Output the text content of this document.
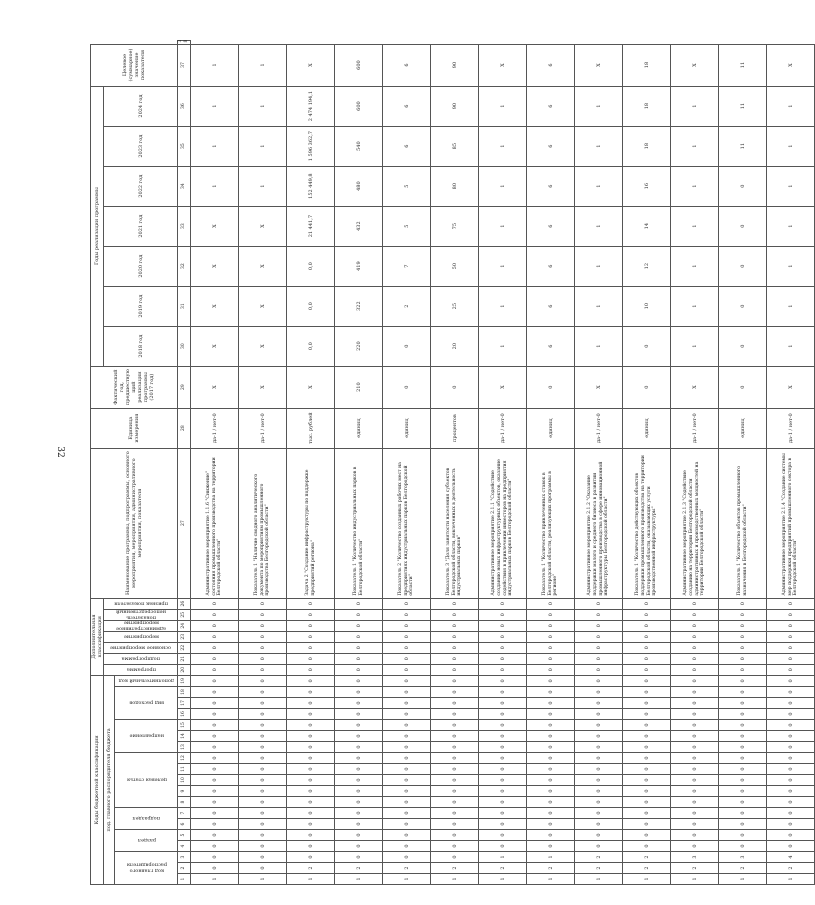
32
Коды бюджетной классификации																			Дополнительная классификация							Наименование программы, подпрограммы, основного мероприятия, мероприятия, административного мероприятия, показателя	Единица измерения	Фактический год, предшествующий реализации программы (2017 год)	Годы реализации программы							Целевое (суммарное) значение показателя	
под. главного распорядителя бюджета																			программа	подпрограмма	основное мероприятие	мероприятие	административное мероприятие	показатель непосредственный	признак показателя				2018 год	2019 год	2020 год	2021 год	2022 год	2023 год	2024 год		
код главного распорядителя			раздел		подраздел		целевая статья					направление			вид расходов			дополнительный код																			
1	2	3	4	5	6	7	8	9	10	11	12	13	14	15	16	17	18	19	20	21	22	23	24	25	26	27	28	29	30	31	32	33	34	35	36	37	38
1	0	0	0	0	0	0	0	0	0	0	0	0	0	0	0	0	0	0	0	0	0	0	0	0	0	Административное мероприятие 1.1.6 "Снижение" состояния промышленного производства на территории Белгородской области"	да-1 / нет-0	X	X	X	X	X	1	1	1	1	
1	0	0	0	0	0	0	0	0	0	0	0	0	0	0	0	0	0	0	0	0	0	0	0	0	0	Показатель 1 "Наличие сводного аналитического документа по мероприятиям промышленного производства Белгородской области"	да-1 / нет-0	X	X	X	X	X	1	1	1	1	
1	2	0	0	0	0	0	0	0	0	0	0	0	0	0	0	0	0	0	0	0	0	0	0	0	0	Задача 2 "Создание инфраструктуры по поддержке предприятий региона"	тыс. рублей	X	0,0	0,0	0,0	21 441,7	152 449,8	1 596 362,7	2 474 194,1	X	
1	2	0	0	0	0	0	0	0	0	0	0	0	0	0	0	0	0	0	0	0	0	0	0	0	0	Показатель 1 "Количество индустриальных парков в Белгородской области"	единиц	210	220	322	419	432	480	540	600	600	
1	2	0	0	0	0	0	0	0	0	0	0	0	0	0	0	0	0	0	0	0	0	0	0	0	0	Показатель 2 "Количество созданных рабочих мест на предприятиях индустриальных парков Белгородской области"	единиц	0	0	2	7	5	5	6	6	6	
1	2	0	0	0	0	0	0	0	0	0	0	0	0	0	0	0	0	0	0	0	0	0	0	0	0	Показатель 3 "Доля занятости населения субъектов Белгородской области, вовлеченных в деятельность индустриальных парков"	процентов	0	20	25	50	75	80	85	90	90	
1	2	1	0	0	0	0	0	0	0	0	0	0	0	0	0	0	0	0	0	0	0	0	0	0	0	Административное мероприятие 2.1.1 "Содействие созданию новых инфраструктурных объектов, оказание содействия в привлечении инвесторов на предприятия индустриальных парков Белгородской области"	да-1 / нет-0	X	1	1	1	1	1	1	1	X	
1	2	1	0	0	0	0	0	0	0	0	0	0	0	0	0	0	0	0	0	0	0	0	0	0	0	Показатель 1 "Количество привлеченных ставок в Белгородской области, реализующих программы в регионе"	единиц	0	6	6	6	6	6	6	6	6	
1	2	2	0	0	0	0	0	0	0	0	0	0	0	0	0	0	0	0	0	0	0	0	0	0	0	Административное мероприятие 2.1.2 "Оказание поддержки малого и среднего бизнеса в развитии промышленного производства в сфере инновационной инфраструктуры Белгородской области"	да-1 / нет-0	X	1	1	1	1	1	1	1	X	
1	2	2	0	0	0	0	0	0	0	0	0	0	0	0	0	0	0	0	0	0	0	0	0	0	0	Показатель 1 "Количество действующих объектов поддержки промышленного производства на территории Белгородской области, оказывающих услуги производственной инфраструктуры"	единиц	0	0	10	12	14	16	18	18	18	
1	2	3	0	0	0	0	0	0	0	0	0	0	0	0	0	0	0	0	0	0	0	0	0	0	0	Административное мероприятие 2.1.3 "Содействие созданию на территории Белгородской области административных и производственных мощностей на территории Белгородской области"	да-1 / нет-0	X	1	1	1	1	1	1	1	X	
1	2	3	0	0	0	0	0	0	0	0	0	0	0	0	0	0	0	0	0	0	0	0	0	0	0	Показатель 1 "Количество объектов промышленного назначения в Белгородской области"	единиц	0	0	0	0	0	0	11	11	11	
1	2	4	0	0	0	0	0	0	0	0	0	0	0	0	0	0	0	0	0	0	0	0	0	0	0	Административное мероприятие 2.1.4 "Создание системы мер поддержки предприятий промышленного сектора в Белгородской области"	да-1 / нет-0	X	1	1	1	1	1	1	1	X	
